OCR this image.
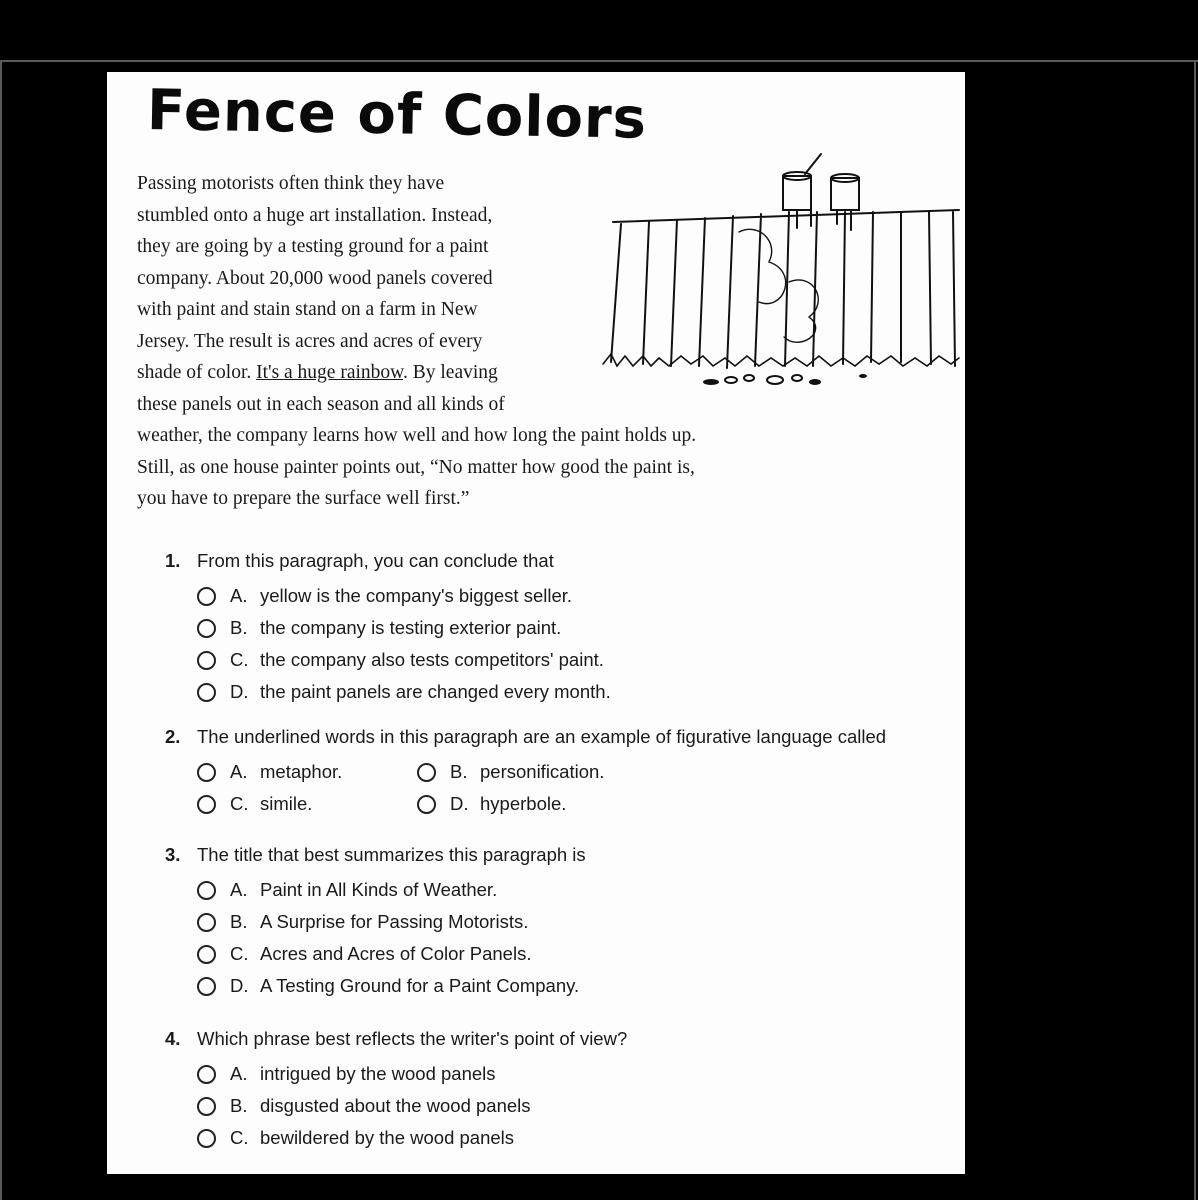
Fence of Colors
Passing motorists often think they have
stumbled onto a huge art installation. Instead,
they are going by a testing ground for a paint
company. About 20,000 wood panels covered
with paint and stain stand on a farm in New
Jersey. The result is acres and acres of every
shade of color. It's a huge rainbow. By leaving
these panels out in each season and all kinds of
weather, the company learns how well and how long the paint holds up.
Still, as one house painter points out, “No matter how good the paint is,
you have to prepare the surface well first.”
1. From this paragraph, you can conclude that
A. yellow is the company's biggest seller.
B. the company is testing exterior paint.
C. the company also tests competitors' paint.
D. the paint panels are changed every month.
2. The underlined words in this paragraph are an example of figurative language called
A. metaphor.	B. personification.
C. simile.	D. hyperbole.
3. The title that best summarizes this paragraph is
A. Paint in All Kinds of Weather.
B. A Surprise for Passing Motorists.
C. Acres and Acres of Color Panels.
D. A Testing Ground for a Paint Company.
4. Which phrase best reflects the writer's point of view?
A. intrigued by the wood panels
B. disgusted about the wood panels
C. bewildered by the wood panels
